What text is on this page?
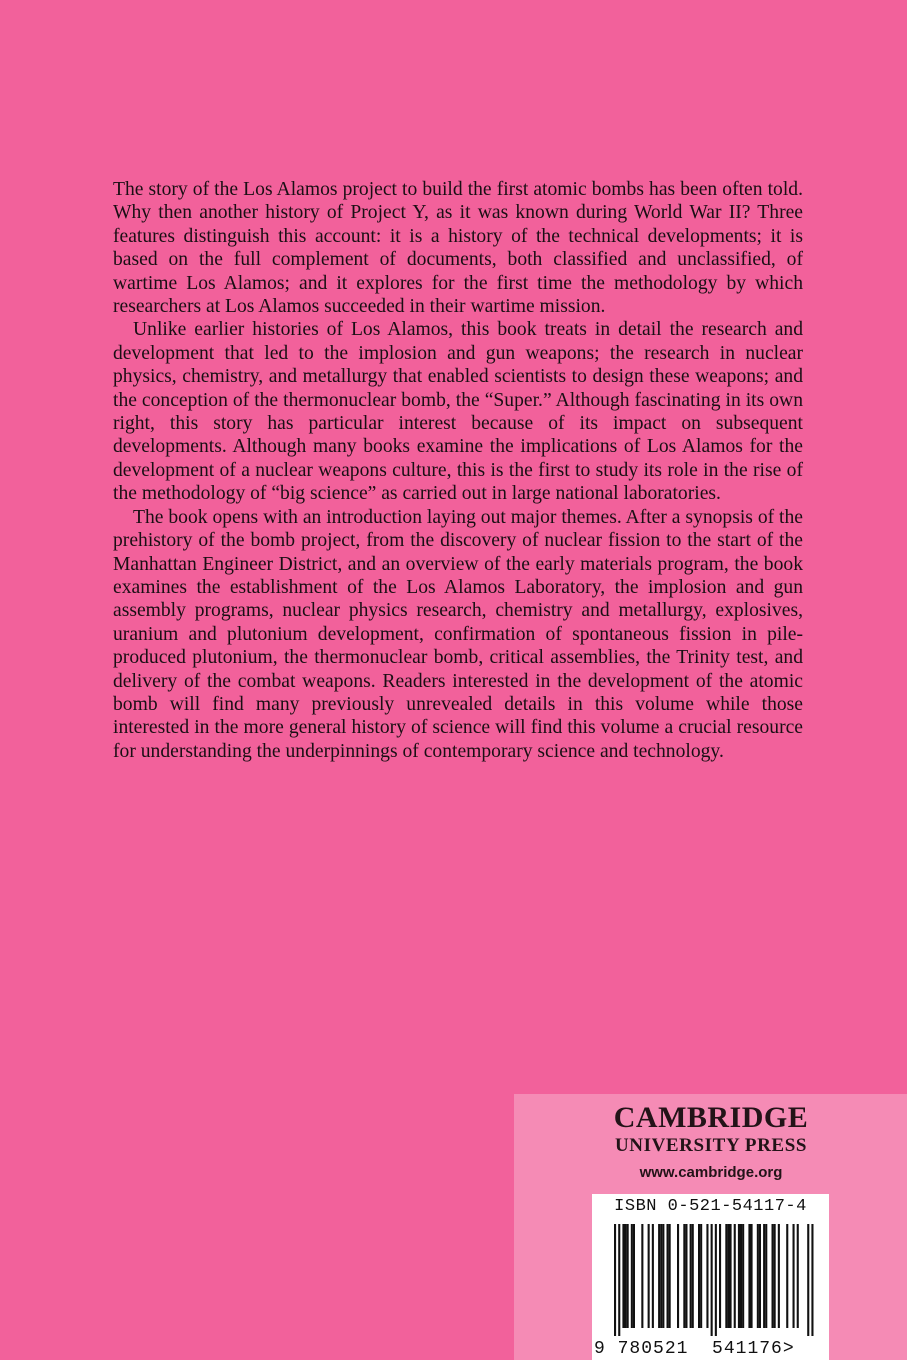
The story of the Los Alamos project to build the first atomic bombs has been often told. Why then another history of Project Y, as it was known during World War II? Three features distinguish this account: it is a history of the technical developments; it is based on the full complement of documents, both classified and unclassified, of wartime Los Alamos; and it explores for the first time the methodology by which researchers at Los Alamos succeeded in their wartime mission.

Unlike earlier histories of Los Alamos, this book treats in detail the research and development that led to the implosion and gun weapons; the research in nuclear physics, chemistry, and metallurgy that enabled scientists to design these weapons; and the conception of the thermonuclear bomb, the “Super.” Although fascinating in its own right, this story has particular interest because of its impact on subsequent developments. Although many books examine the implications of Los Alamos for the development of a nuclear weapons culture, this is the first to study its role in the rise of the methodology of “big science” as carried out in large national laboratories.

The book opens with an introduction laying out major themes. After a synopsis of the prehistory of the bomb project, from the discovery of nuclear fission to the start of the Manhattan Engineer District, and an overview of the early materials program, the book examines the establishment of the Los Alamos Laboratory, the implosion and gun assembly programs, nuclear physics research, chemistry and metallurgy, explosives, uranium and plutonium development, confirmation of spontaneous fission in pile-produced plutonium, the thermonuclear bomb, critical assemblies, the Trinity test, and delivery of the combat weapons. Readers interested in the development of the atomic bomb will find many previously unrevealed details in this volume while those interested in the more general history of science will find this volume a crucial resource for understanding the underpinnings of contemporary science and technology.

CAMBRIDGE
UNIVERSITY PRESS
www.cambridge.org
ISBN 0-521-54117-4
9 780521 541176>
